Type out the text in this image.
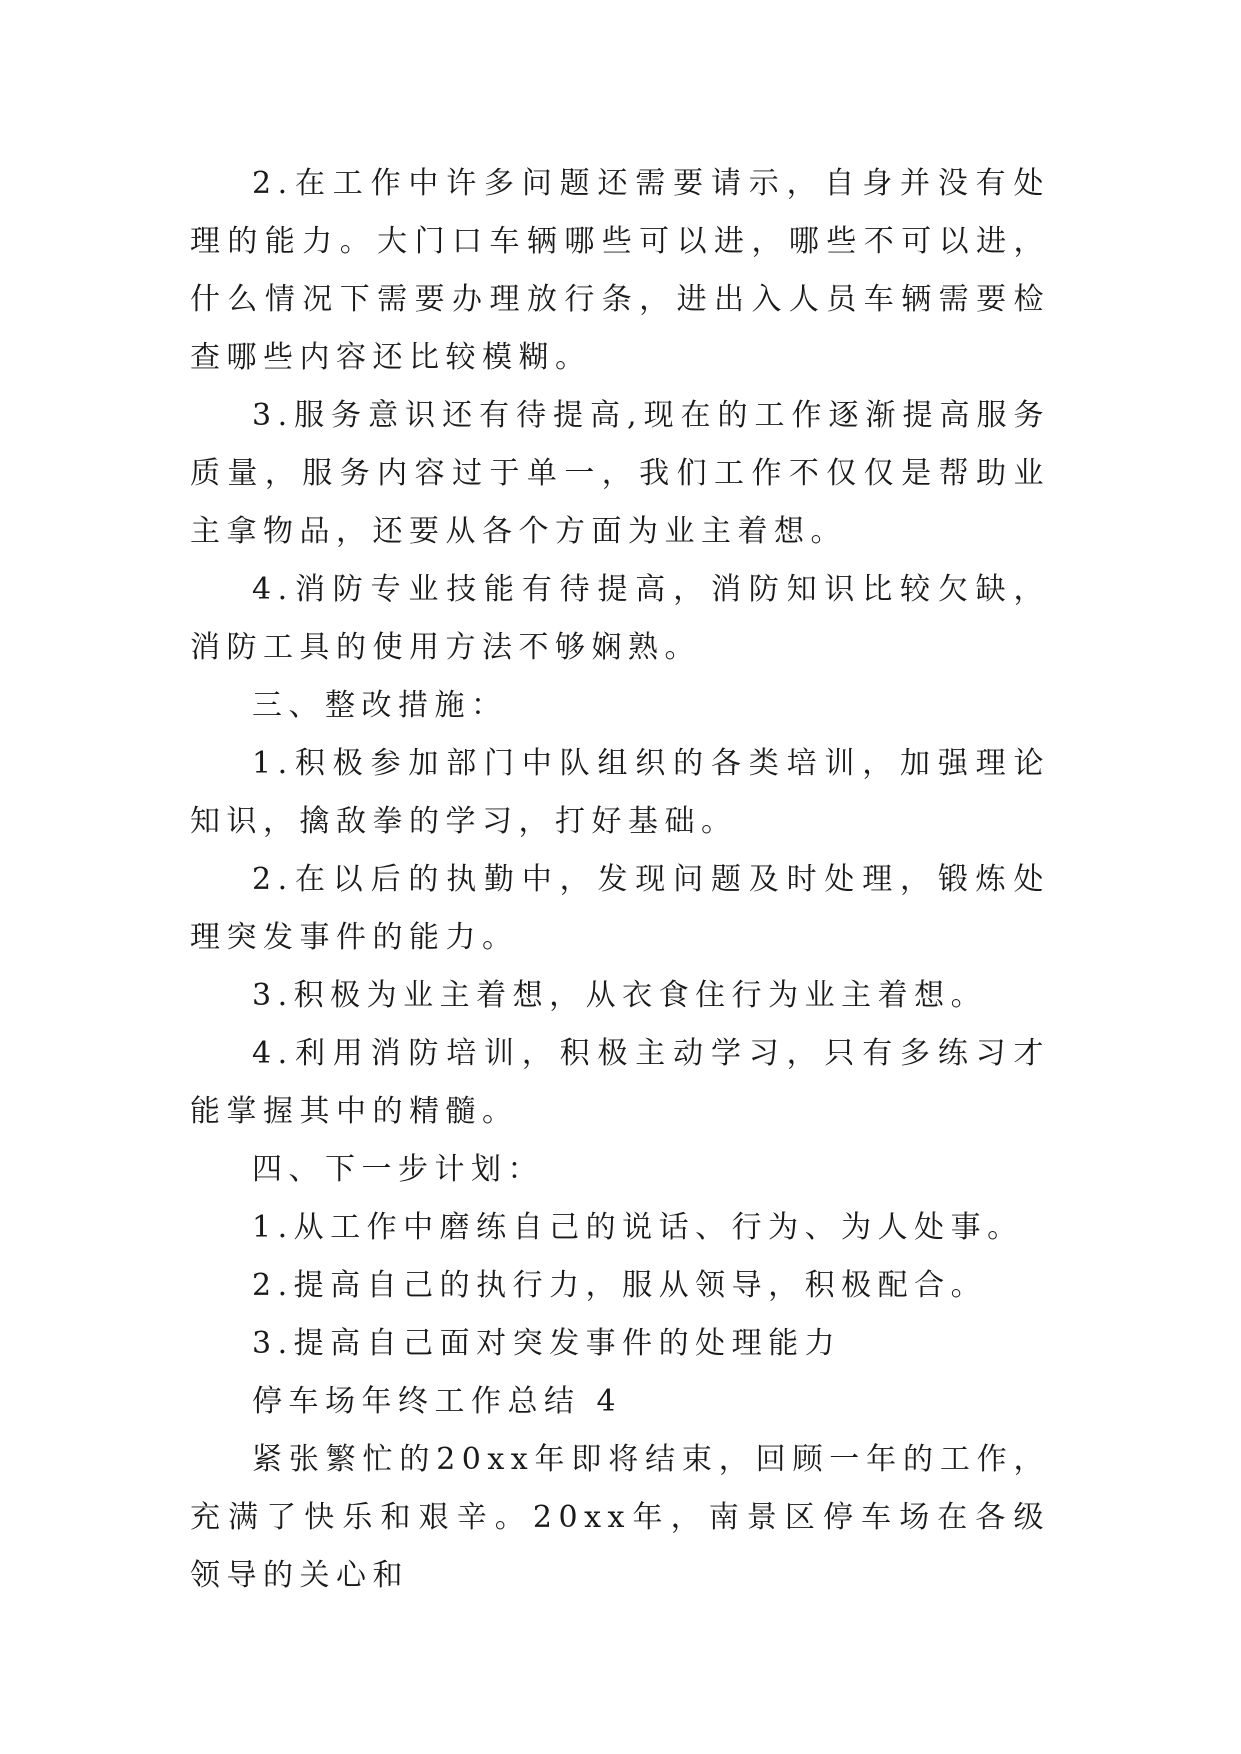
2.在工作中许多问题还需要请示，自身并没有处理的能力。大门口车辆哪些可以进，哪些不可以进，什么情况下需要办理放行条，进出入人员车辆需要检查哪些内容还比较模糊。

3.服务意识还有待提高,现在的工作逐渐提高服务质量，服务内容过于单一，我们工作不仅仅是帮助业主拿物品，还要从各个方面为业主着想。

4.消防专业技能有待提高，消防知识比较欠缺，消防工具的使用方法不够娴熟。

三、整改措施：

1.积极参加部门中队组织的各类培训，加强理论知识，擒敌拳的学习，打好基础。

2.在以后的执勤中，发现问题及时处理，锻炼处理突发事件的能力。

3.积极为业主着想，从衣食住行为业主着想。

4.利用消防培训，积极主动学习，只有多练习才能掌握其中的精髓。

四、下一步计划：

1.从工作中磨练自己的说话、行为、为人处事。

2.提高自己的执行力，服从领导，积极配合。

3.提高自己面对突发事件的处理能力

停车场年终工作总结 4

紧张繁忙的20xx年即将结束，回顾一年的工作，充满了快乐和艰辛。20xx年，南景区停车场在各级领导的关心和
